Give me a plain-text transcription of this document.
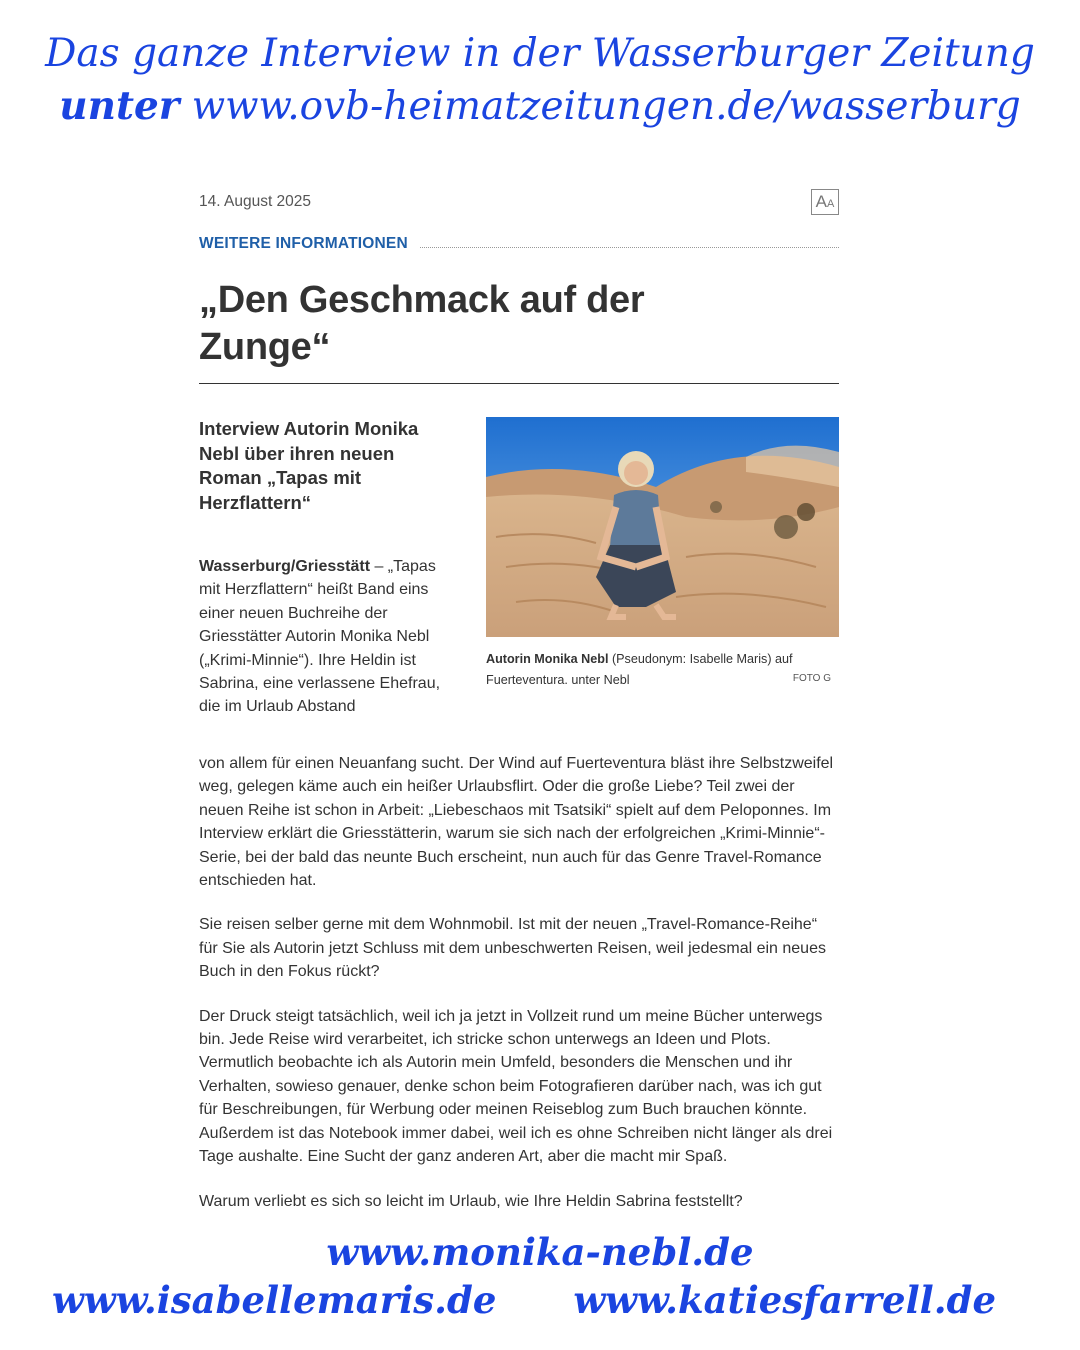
Das ganze Interview in der Wasserburger Zeitung
unter www.ovb-heimatzeitungen.de/wasserburg
14. August 2025	AA
WEITERE INFORMATIONEN
„Den Geschmack auf der
Zunge“
Interview Autorin Monika Nebl über ihren neuen Roman „Tapas mit Herzflattern“
Wasserburg/Griesstätt – „Tapas mit Herzflattern“ heißt Band eins einer neuen Buchreihe der Griesstätter Autorin Monika Nebl („Krimi-Minnie“). Ihre Heldin ist Sabrina, eine verlassene Ehefrau, die im Urlaub Abstand
Autorin Monika Nebl (Pseudonym: Isabelle Maris) auf Fuerteventura. unter Nebl	FOTO G

von allem für einen Neuanfang sucht. Der Wind auf Fuerteventura bläst ihre Selbstzweifel weg, gelegen käme auch ein heißer Urlaubsflirt. Oder die große Liebe? Teil zwei der neuen Reihe ist schon in Arbeit: „Liebeschaos mit Tsatsiki“ spielt auf dem Peloponnes. Im Interview erklärt die Griesstätterin, warum sie sich nach der erfolgreichen „Krimi-Minnie“-Serie, bei der bald das neunte Buch erscheint, nun auch für das Genre Travel-Romance entschieden hat.

Sie reisen selber gerne mit dem Wohnmobil. Ist mit der neuen „Travel-Romance-Reihe“ für Sie als Autorin jetzt Schluss mit dem unbeschwerten Reisen, weil jedesmal ein neues Buch in den Fokus rückt?

Der Druck steigt tatsächlich, weil ich ja jetzt in Vollzeit rund um meine Bücher unterwegs bin. Jede Reise wird verarbeitet, ich stricke schon unterwegs an Ideen und Plots. Vermutlich beobachte ich als Autorin mein Umfeld, besonders die Menschen und ihr Verhalten, sowieso genauer, denke schon beim Fotografieren darüber nach, was ich gut für Beschreibungen, für Werbung oder meinen Reiseblog zum Buch brauchen könnte. Außerdem ist das Notebook immer dabei, weil ich es ohne Schreiben nicht länger als drei Tage aushalte. Eine Sucht der ganz anderen Art, aber die macht mir Spaß.

Warum verliebt es sich so leicht im Urlaub, wie Ihre Heldin Sabrina feststellt?

www.monika-nebl.de
www.isabellemaris.de www.katiesfarrell.de
